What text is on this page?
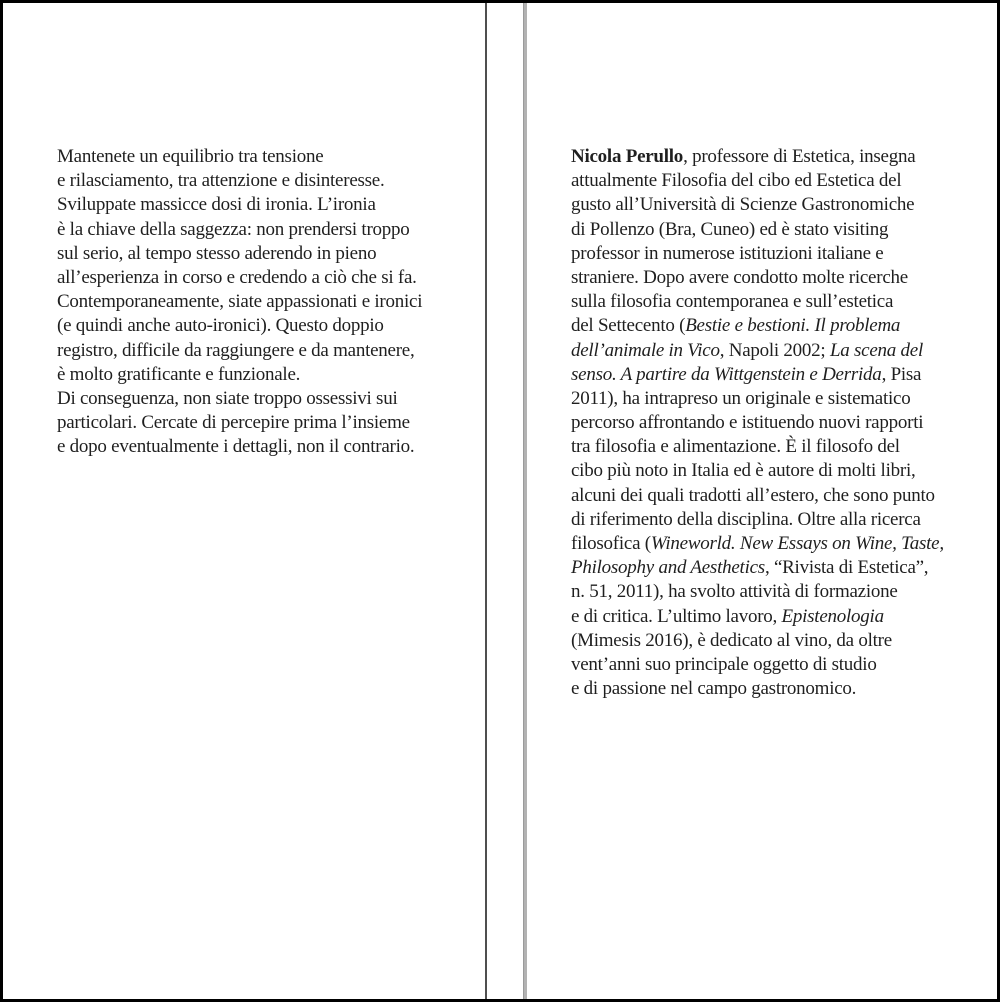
Mantenete un equilibrio tra tensione
e rilasciamento, tra attenzione e disinteresse.
Sviluppate massicce dosi di ironia. L’ironia
è la chiave della saggezza: non prendersi troppo
sul serio, al tempo stesso aderendo in pieno
all’esperienza in corso e credendo a ciò che si fa.
Contemporaneamente, siate appassionati e ironici
(e quindi anche auto-ironici). Questo doppio
registro, difficile da raggiungere e da mantenere,
è molto gratificante e funzionale.
Di conseguenza, non siate troppo ossessivi sui
particolari. Cercate di percepire prima l’insieme
e dopo eventualmente i dettagli, non il contrario.
Nicola Perullo, professore di Estetica, insegna
attualmente Filosofia del cibo ed Estetica del
gusto all’Università di Scienze Gastronomiche
di Pollenzo (Bra, Cuneo) ed è stato visiting
professor in numerose istituzioni italiane e
straniere. Dopo avere condotto molte ricerche
sulla filosofia contemporanea e sull’estetica
del Settecento (Bestie e bestioni. Il problema
dell’animale in Vico, Napoli 2002; La scena del
senso. A partire da Wittgenstein e Derrida, Pisa
2011), ha intrapreso un originale e sistematico
percorso affrontando e istituendo nuovi rapporti
tra filosofia e alimentazione. È il filosofo del
cibo più noto in Italia ed è autore di molti libri,
alcuni dei quali tradotti all’estero, che sono punto
di riferimento della disciplina. Oltre alla ricerca
filosofica (Wineworld. New Essays on Wine, Taste,
Philosophy and Aesthetics, “Rivista di Estetica”,
n. 51, 2011), ha svolto attività di formazione
e di critica. L’ultimo lavoro, Epistenologia
(Mimesis 2016), è dedicato al vino, da oltre
vent’anni suo principale oggetto di studio
e di passione nel campo gastronomico.
